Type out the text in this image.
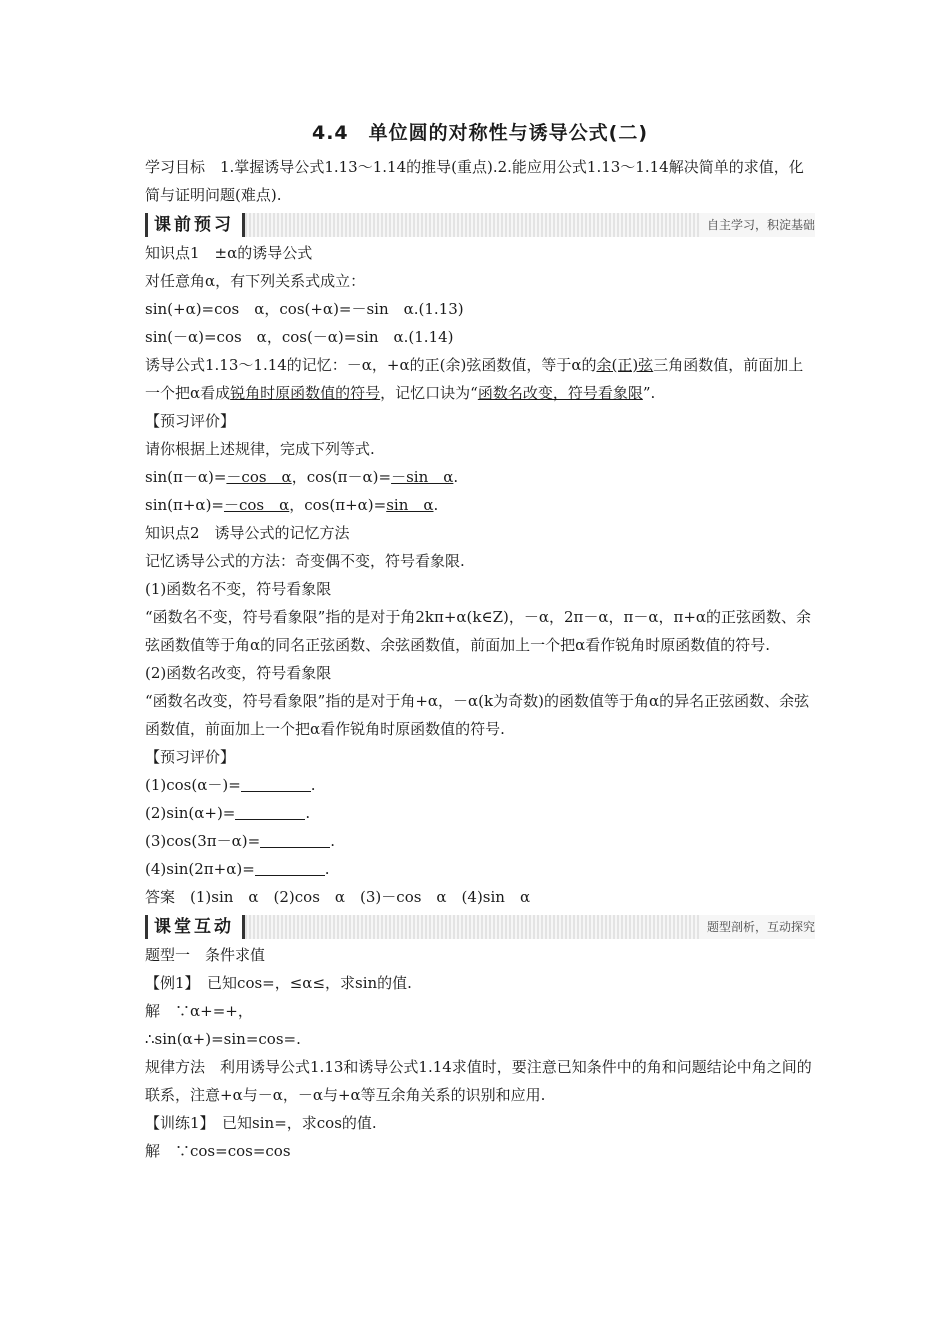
4.4　单位圆的对称性与诱导公式(二)
学习目标　1.掌握诱导公式1.13～1.14的推导(重点).2.能应用公式1.13～1.14解决简单的求值，化简与证明问题(难点).
课前预习	自主学习，积淀基础
知识点1　±α的诱导公式
对任意角α，有下列关系式成立：
sin(+α)=cos　α，cos(+α)=－sin　α.(1.13)
sin(－α)=cos　α，cos(－α)=sin　α.(1.14)
诱导公式1.13～1.14的记忆：－α，+α的正(余)弦函数值，等于α的余(正)弦三角函数值，前面加上一个把α看成锐角时原函数值的符号，记忆口诀为“函数名改变，符号看象限”.
【预习评价】
请你根据上述规律，完成下列等式.
sin(π－α)=－cos　α，cos(π－α)=－sin　α.
sin(π+α)=－cos　α，cos(π+α)=sin　α.
知识点2　诱导公式的记忆方法
记忆诱导公式的方法：奇变偶不变，符号看象限.
(1)函数名不变，符号看象限
“函数名不变，符号看象限”指的是对于角2kπ+α(k∈Z)，－α，2π－α，π－α，π+α的正弦函数、余弦函数值等于角α的同名正弦函数、余弦函数值，前面加上一个把α看作锐角时原函数值的符号.
(2)函数名改变，符号看象限
“函数名改变，符号看象限”指的是对于角+α，－α(k为奇数)的函数值等于角α的异名正弦函数、余弦函数值，前面加上一个把α看作锐角时原函数值的符号.
【预习评价】
(1)cos(α－)=	.
(2)sin(α+)=	.
(3)cos(3π－α)=	.
(4)sin(2π+α)=	.
答案　(1)sin　α　(2)cos　α　(3)－cos　α　(4)sin　α
课堂互动	题型剖析，互动探究
题型一　条件求值
【例1】　已知cos=，≤α≤，求sin的值.
解　∵α+=+，
∴sin(α+)=sin=cos=.
规律方法　利用诱导公式1.13和诱导公式1.14求值时，要注意已知条件中的角和问题结论中角之间的联系，注意+α与－α，－α与+α等互余角关系的识别和应用.
【训练1】　已知sin=，求cos的值.
解　∵cos=cos=cos
